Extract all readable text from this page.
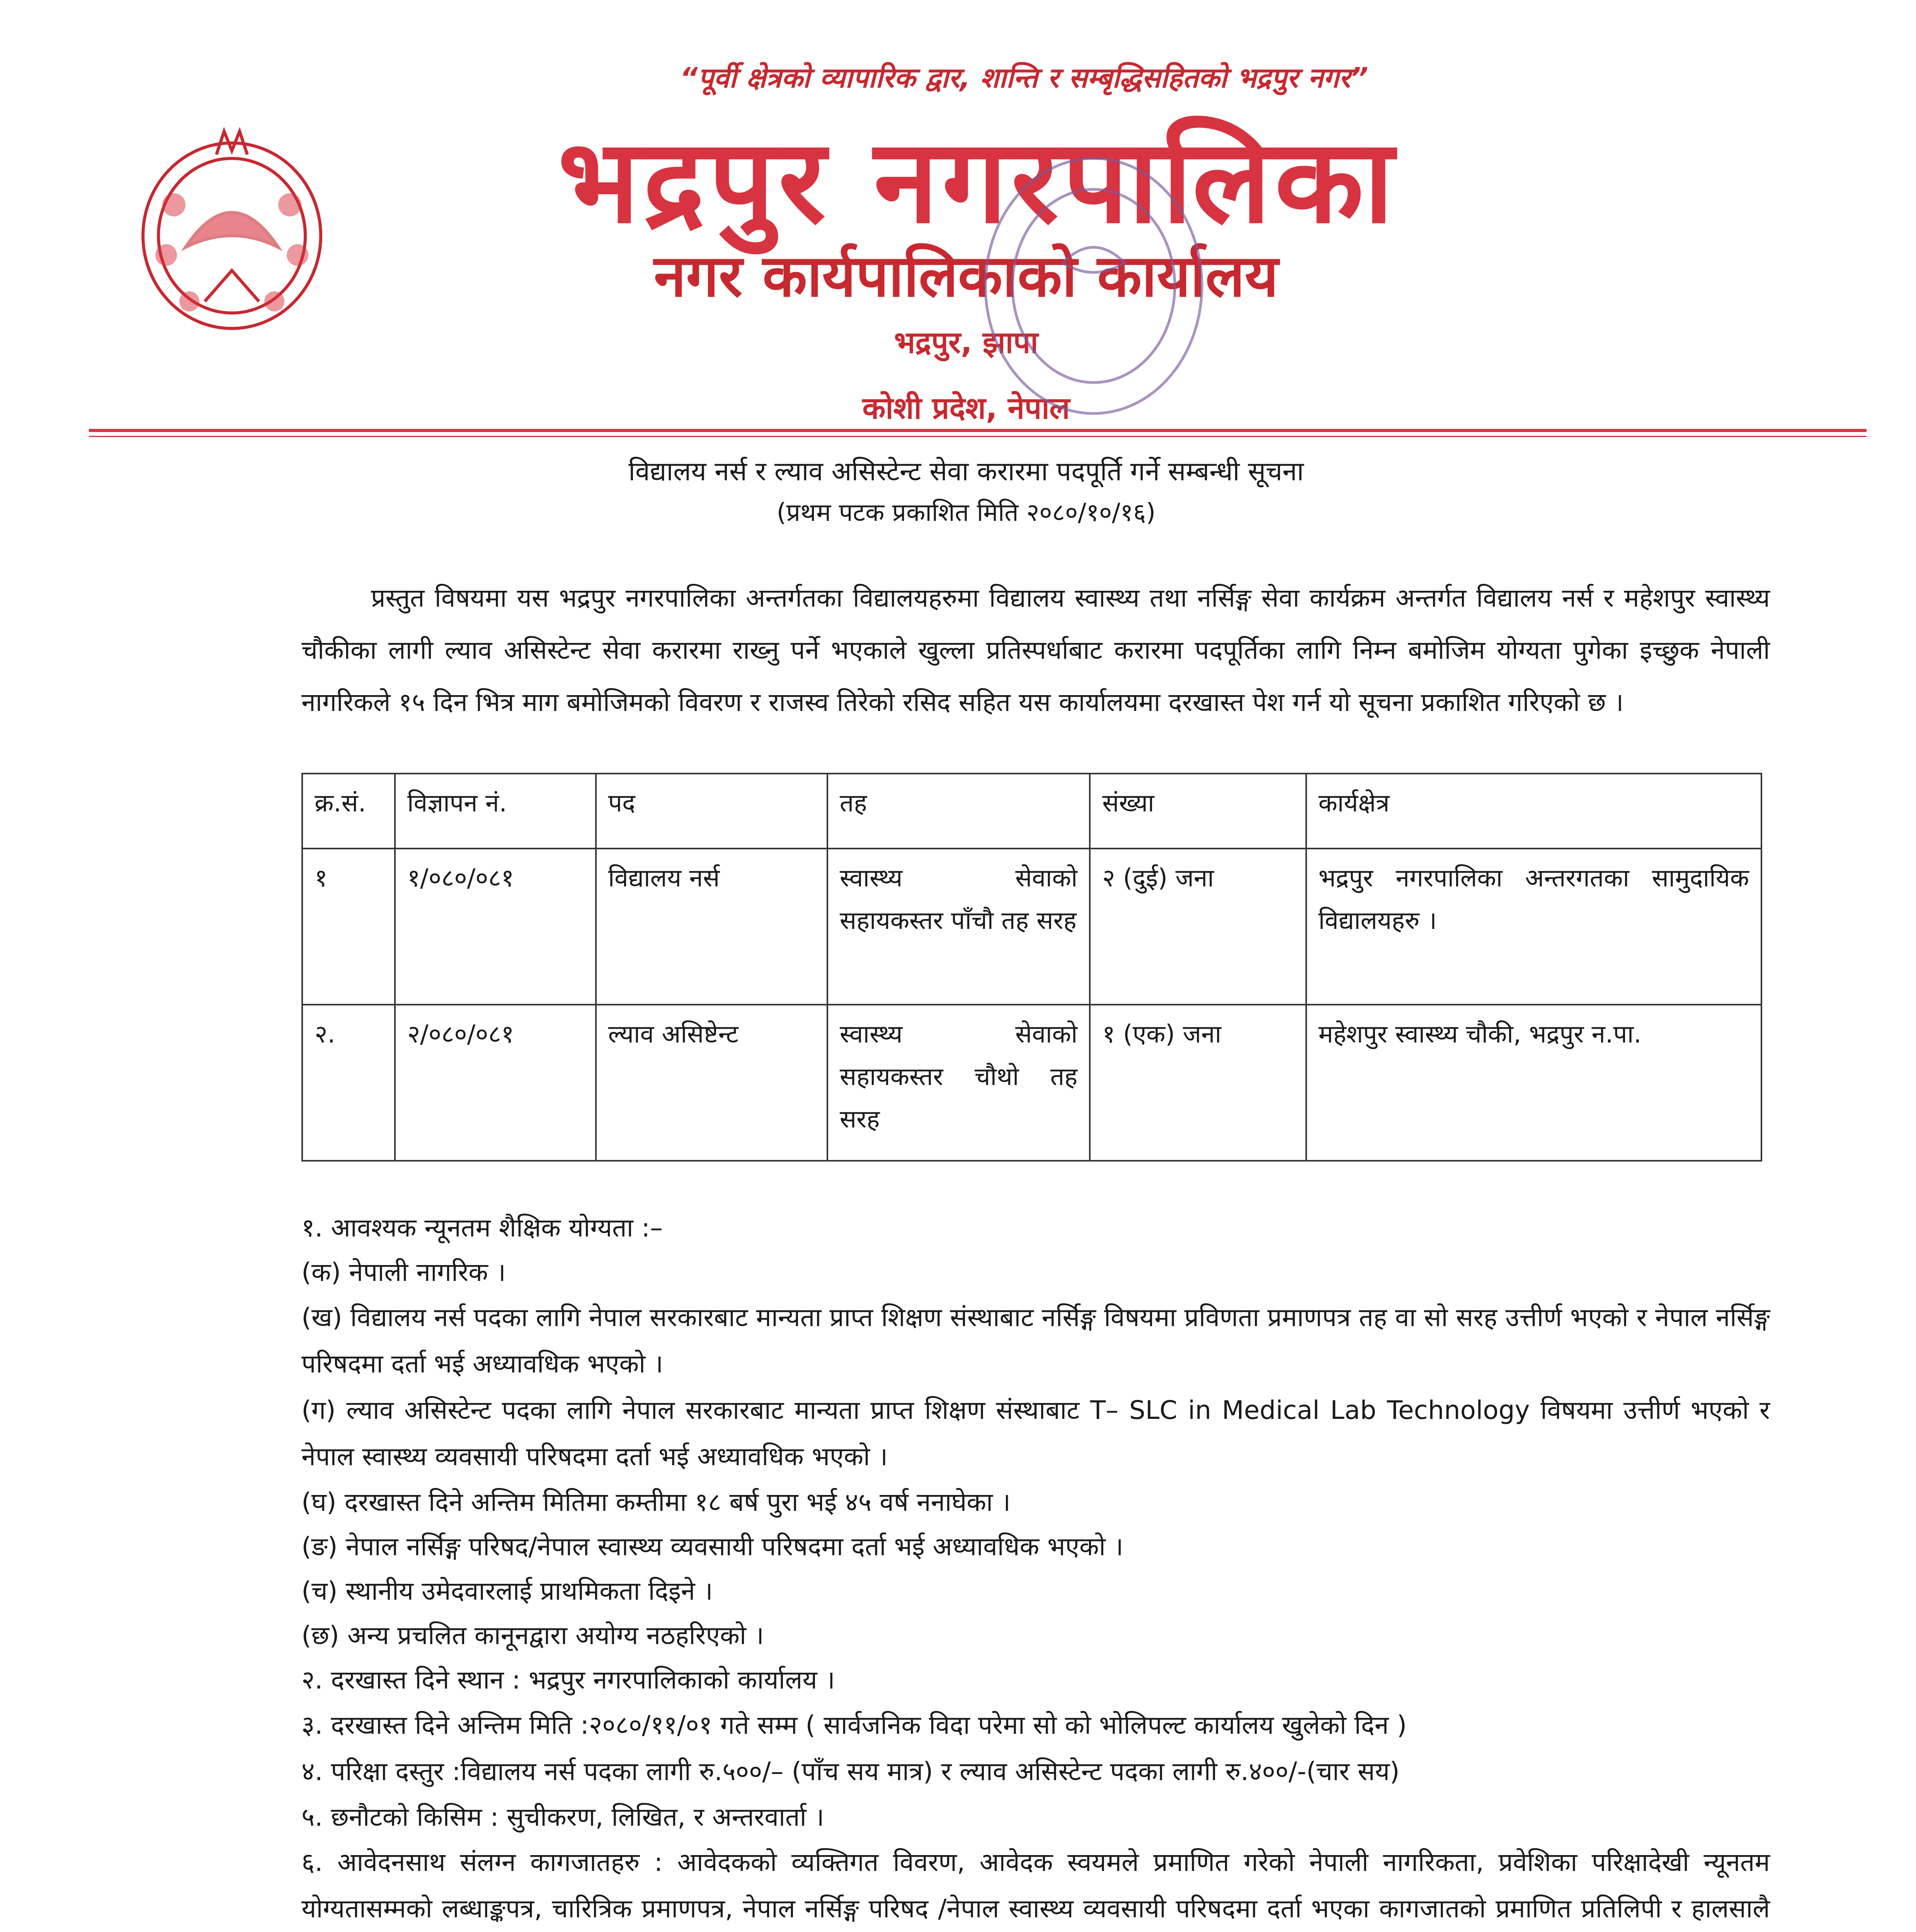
“पूर्वी क्षेत्रको व्यापारिक द्वार, शान्ति र सम्बृद्धिसहितको भद्रपुर नगर”
भद्रपुर नगरपालिका
नगर कार्यपालिकाको कार्यालय
भद्रपुर, झापा
कोशी प्रदेश, नेपाल
विद्यालय नर्स र ल्याव असिस्टेन्ट सेवा करारमा पदपूर्ति गर्ने सम्बन्धी सूचना
(प्रथम पटक प्रकाशित मिति २०८०/१०/१६)
प्रस्तुत विषयमा यस भद्रपुर नगरपालिका अन्तर्गतका विद्यालयहरुमा विद्यालय स्वास्थ्य तथा नर्सिङ्ग सेवा कार्यक्रम अन्तर्गत विद्यालय नर्स र महेशपुर स्वास्थ्य चौकीका लागी ल्याव असिस्टेन्ट सेवा करारमा राख्नु पर्ने भएकाले खुल्ला प्रतिस्पर्धाबाट करारमा पदपूर्तिका लागि निम्न बमोजिम योग्यता पुगेका इच्छुक नेपाली नागरिकले १५ दिन भित्र माग बमोजिमको विवरण र राजस्व तिरेको रसिद सहित यस कार्यालयमा दरखास्त पेश गर्न यो सूचना प्रकाशित गरिएको छ ।
क्र.सं.	विज्ञापन नं.	पद	तह	संख्या	कार्यक्षेत्र
१	१/०८०/०८१	विद्यालय नर्स	स्वास्थ्य सेवाको सहायकस्तर पाँचौ तह सरह	२ (दुई) जना	भद्रपुर नगरपालिका अन्तरगतका सामुदायिक विद्यालयहरु ।
२.	२/०८०/०८१	ल्याव असिष्टेन्ट	स्वास्थ्य सेवाको सहायकस्तर चौथो तह सरह	१ (एक) जना	महेशपुर स्वास्थ्य चौकी, भद्रपुर न.पा.
१. आवश्यक न्यूनतम शैक्षिक योग्यता :–
(क) नेपाली नागरिक ।
(ख) विद्यालय नर्स पदका लागि नेपाल सरकारबाट मान्यता प्राप्त शिक्षण संस्थाबाट नर्सिङ्ग विषयमा प्रविणता प्रमाणपत्र तह वा सो सरह उत्तीर्ण भएको र नेपाल नर्सिङ्ग परिषदमा दर्ता भई अध्यावधिक भएको ।
(ग) ल्याव असिस्टेन्ट पदका लागि नेपाल सरकारबाट मान्यता प्राप्त शिक्षण संस्थाबाट T– SLC in Medical Lab Technology विषयमा उत्तीर्ण भएको र नेपाल स्वास्थ्य व्यवसायी परिषदमा दर्ता भई अध्यावधिक भएको ।
(घ) दरखास्त दिने अन्तिम मितिमा कम्तीमा १८ बर्ष पुरा भई ४५ वर्ष ननाघेका ।
(ङ) नेपाल नर्सिङ्ग परिषद/नेपाल स्वास्थ्य व्यवसायी परिषदमा दर्ता भई अध्यावधिक भएको ।
(च) स्थानीय उमेदवारलाई प्राथमिकता दिइने ।
(छ) अन्य प्रचलित कानूनद्वारा अयोग्य नठहरिएको ।
२. दरखास्त दिने स्थान : भद्रपुर नगरपालिकाको कार्यालय ।
३. दरखास्त दिने अन्तिम मिति :२०८०/११/०१ गते सम्म ( सार्वजनिक विदा परेमा सो को भोलिपल्ट कार्यालय खुलेको दिन )
४. परिक्षा दस्तुर :विद्यालय नर्स पदका लागी रु.५००/– (पाँच सय मात्र) र ल्याव असिस्टेन्ट पदका लागी रु.४००/-(चार सय)
५. छनौटको किसिम : सुचीकरण, लिखित, र अन्तरवार्ता ।
६. आवेदनसाथ संलग्न कागजातहरु : आवेदकको व्यक्तिगत विवरण, आवेदक स्वयमले प्रमाणित गरेको नेपाली नागरिकता, प्रवेशिका परिक्षादेखी न्यूनतम योग्यतासम्मको लब्धाङ्कपत्र, चारित्रिक प्रमाणपत्र, नेपाल नर्सिङ्ग परिषद /नेपाल स्वास्थ्य व्यवसायी परिषदमा दर्ता भएका कागजातको प्रमाणित प्रतिलिपी र हालसालै
